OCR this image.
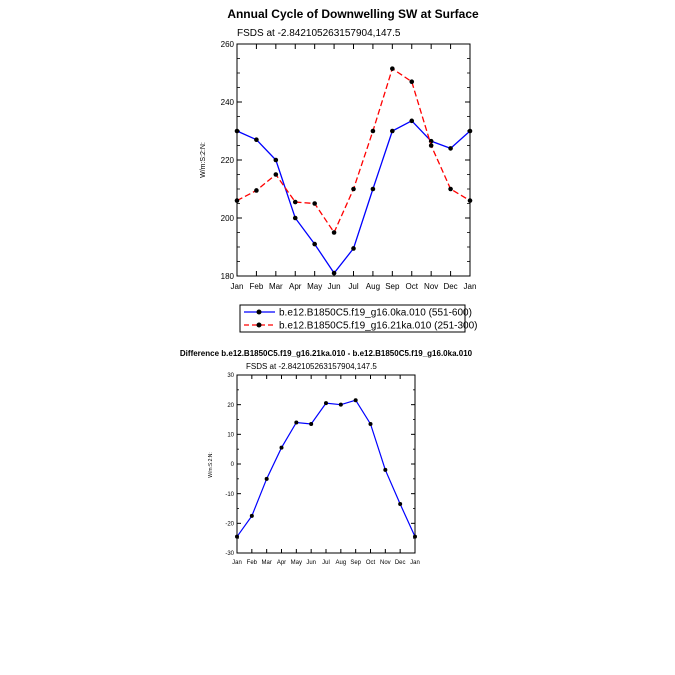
Annual Cycle of Downwelling SW at Surface
FSDS at -2.842105263157904,147.5
W/m:S:2:N:
180
200
220
240
260
Jan Feb Mar Apr May Jun Jul Aug Sep Oct Nov Dec Jan
b.e12.B1850C5.f19_g16.0ka.010 (551-600)
b.e12.B1850C5.f19_g16.21ka.010 (251-300)
Difference b.e12.B1850C5.f19_g16.21ka.010 - b.e12.B1850C5.f19_g16.0ka.010
FSDS at -2.842105263157904,147.5
W/m:S:2:N:
-30
-20
-10
0
10
20
30
Jan Feb Mar Apr May Jun Jul Aug Sep Oct Nov Dec Jan
